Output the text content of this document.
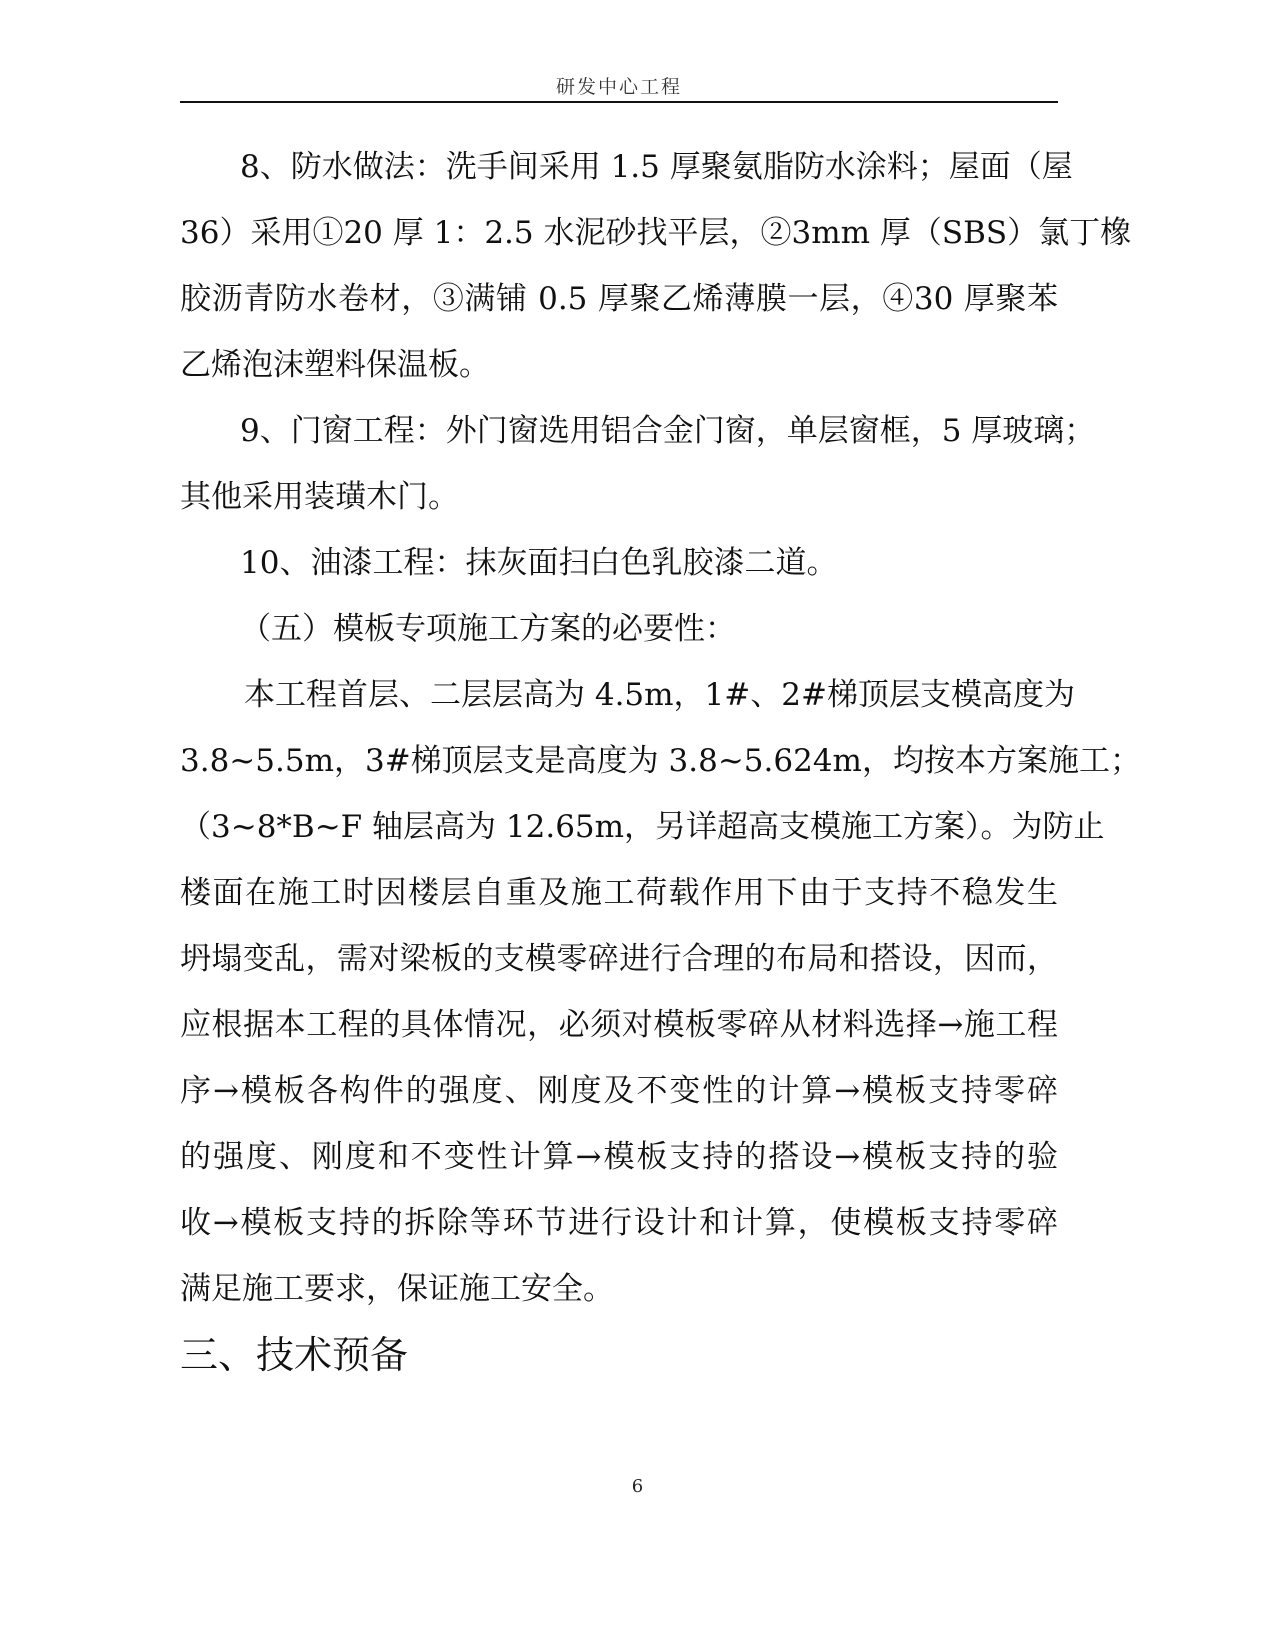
研发中心工程
8、防水做法：洗手间采用 1.5 厚聚氨脂防水涂料；屋面（屋
36）采用①20 厚 1：2.5 水泥砂找平层，②3mm 厚（SBS）氯丁橡
胶沥青防水卷材，③满铺 0.5 厚聚乙烯薄膜一层，④30 厚聚苯
乙烯泡沫塑料保温板。
9、门窗工程：外门窗选用铝合金门窗，单层窗框，5 厚玻璃；
其他采用装璜木门。
10、油漆工程：抹灰面扫白色乳胶漆二道。
（五）模板专项施工方案的必要性：
本工程首层、二层层高为 4.5m，1#、2#梯顶层支模高度为
3.8~5.5m，3#梯顶层支是高度为 3.8~5.624m，均按本方案施工；
（3~8*B~F 轴层高为 12.65m，另详超高支模施工方案）。为防止
楼面在施工时因楼层自重及施工荷载作用下由于支持不稳发生
坍塌变乱，需对梁板的支模零碎进行合理的布局和搭设，因而，
应根据本工程的具体情况，必须对模板零碎从材料选择→施工程
序→模板各构件的强度、刚度及不变性的计算→模板支持零碎
的强度、刚度和不变性计算→模板支持的搭设→模板支持的验
收→模板支持的拆除等环节进行设计和计算，使模板支持零碎
满足施工要求，保证施工安全。
三、技术预备
6
